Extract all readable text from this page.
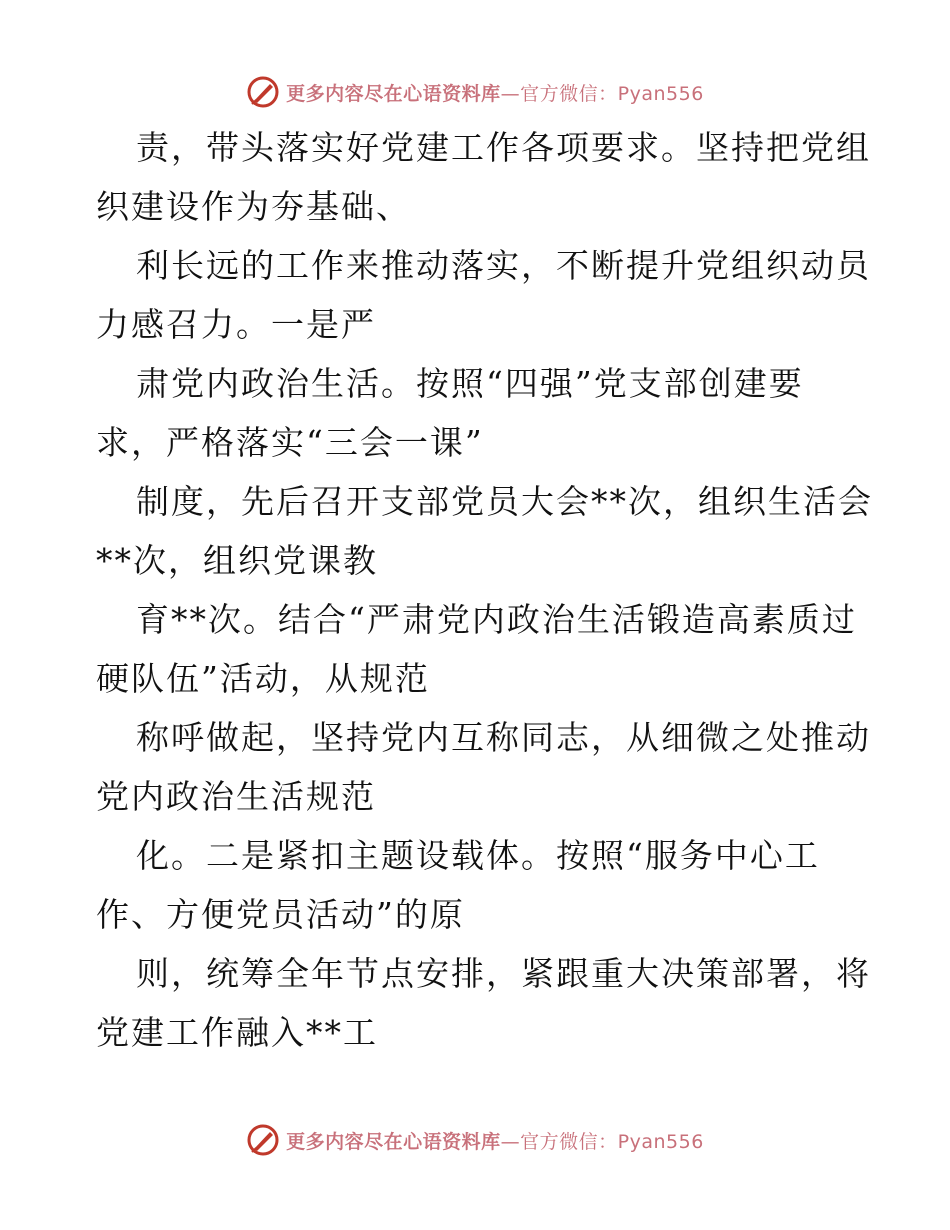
更多内容尽在心语资料库—官方微信：Pyan556
责，带头落实好党建工作各项要求。坚持把党组
织建设作为夯基础、
利长远的工作来推动落实，不断提升党组织动员
力感召力。一是严
肃党内政治生活。按照“四强”党支部创建要
求，严格落实“三会一课”
制度，先后召开支部党员大会**次，组织生活会
**次，组织党课教
育**次。结合“严肃党内政治生活锻造高素质过
硬队伍”活动，从规范
称呼做起，坚持党内互称同志，从细微之处推动
党内政治生活规范
化。二是紧扣主题设载体。按照“服务中心工
作、方便党员活动”的原
则，统筹全年节点安排，紧跟重大决策部署，将
党建工作融入**工
更多内容尽在心语资料库—官方微信：Pyan556
